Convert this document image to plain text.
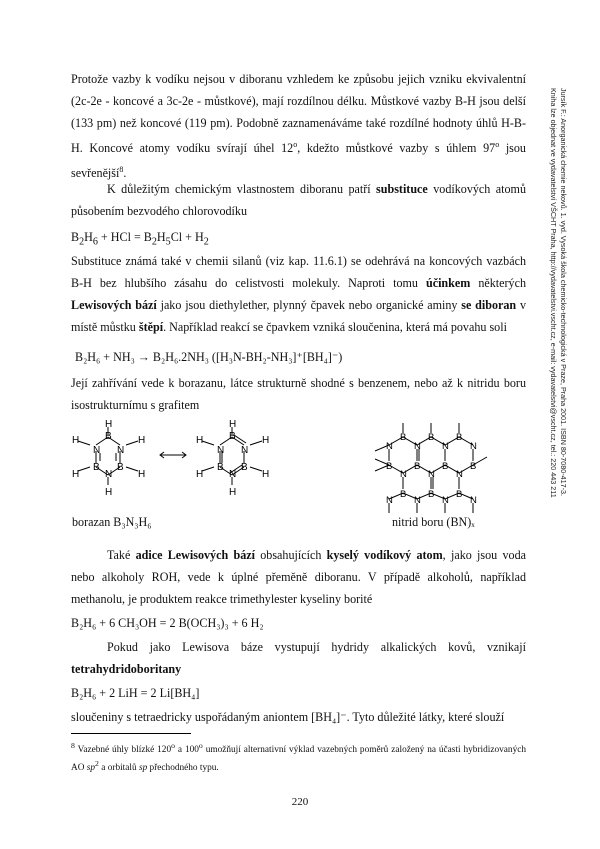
Jursík F.: Anorganická chemie nekovů. 1. vyd. Vysoká škola chemicko-technologická v Praze, Praha 2001. ISBN 80-7080-417-3.
Kniha lze objednat ve vydavatelství VŠCHT Praha, http://vydavatelstvi.vscht.cz, e-mail: vydavatelstvi@vscht.cz, tel.: 220 443 211

Protože vazby k vodíku nejsou v diboranu vzhledem ke způsobu jejich vzniku ekvivalentní (2c-2e - koncové a 3c-2e - můstkové), mají rozdílnou délku. Můstkové vazby B-H jsou delší (133 pm) než koncové (119 pm). Podobně zaznamenáváme také rozdílné hodnoty úhlů H-B-H. Koncové atomy vodíku svírají úhel 12$^o$, kdežto můstkové vazby s úhlem 97$^o$ jsou sevřenější$^8$.

K důležitým chemickým vlastnostem diboranu patří substituce vodíkových atomů působením bezvodého chlorovodíku

$B_2H_6$ + HCl = $B_2H_5Cl + H_2$

Substituce známá také v chemii silanů (viz kap. 11.6.1) se odehrává na koncových vazbách B-H bez hlubšího zásahu do celistvosti molekuly. Naproti tomu účinkem některých Lewisových bází jako jsou diethylether, plynný čpavek nebo organické aminy se diboran v místě můstku štěpí. Například reakcí se čpavkem vzniká sloučenina, která má povahu soli

B₂H₆ + NH₃ → B₂H₆.2NH₃ ([H₃N-BH₂-NH₃]⁺[BH₄]⁻)

Její zahřívání vede k borazanu, látce strukturně shodné s benzenem, nebo až k nitridu boru isostrukturnímu s grafitem

H
B
N
N
H	H
B
B
N
H	H
H
H
B
N
N
H	H
B
B
N
H	H
H
B B B
N N N N
B B B B
N N N
B B B
N N N N
borazan B₃N₃H₆	nitrid boru (BN)ₓ

Také adice Lewisových bází obsahujících kyselý vodíkový atom, jako jsou voda nebo alkoholy ROH, vede k úplné přeměně diboranu. V případě alkoholů, například methanolu, je produktem reakce trimethylester kyseliny borité

B₂H₆ + 6 CH₃OH = 2 B(OCH₃)₃ + 6 H₂

Pokud jako Lewisova báze vystupují hydridy alkalických kovů, vznikají tetrahydridoboritany

B₂H₆ + 2 LiH = 2 Li[BH₄]

sloučeniny s tetraedricky uspořádaným aniontem [BH₄]⁻. Tyto důležité látky, které slouží

$^8$ Vazebné úhly blízké 120$^o$ a 100$^o$ umožňují alternativní výklad vazebných poměrů založený na účasti hybridizovaných AO $sp^2$ a orbitalů sp přechodného typu.

220
